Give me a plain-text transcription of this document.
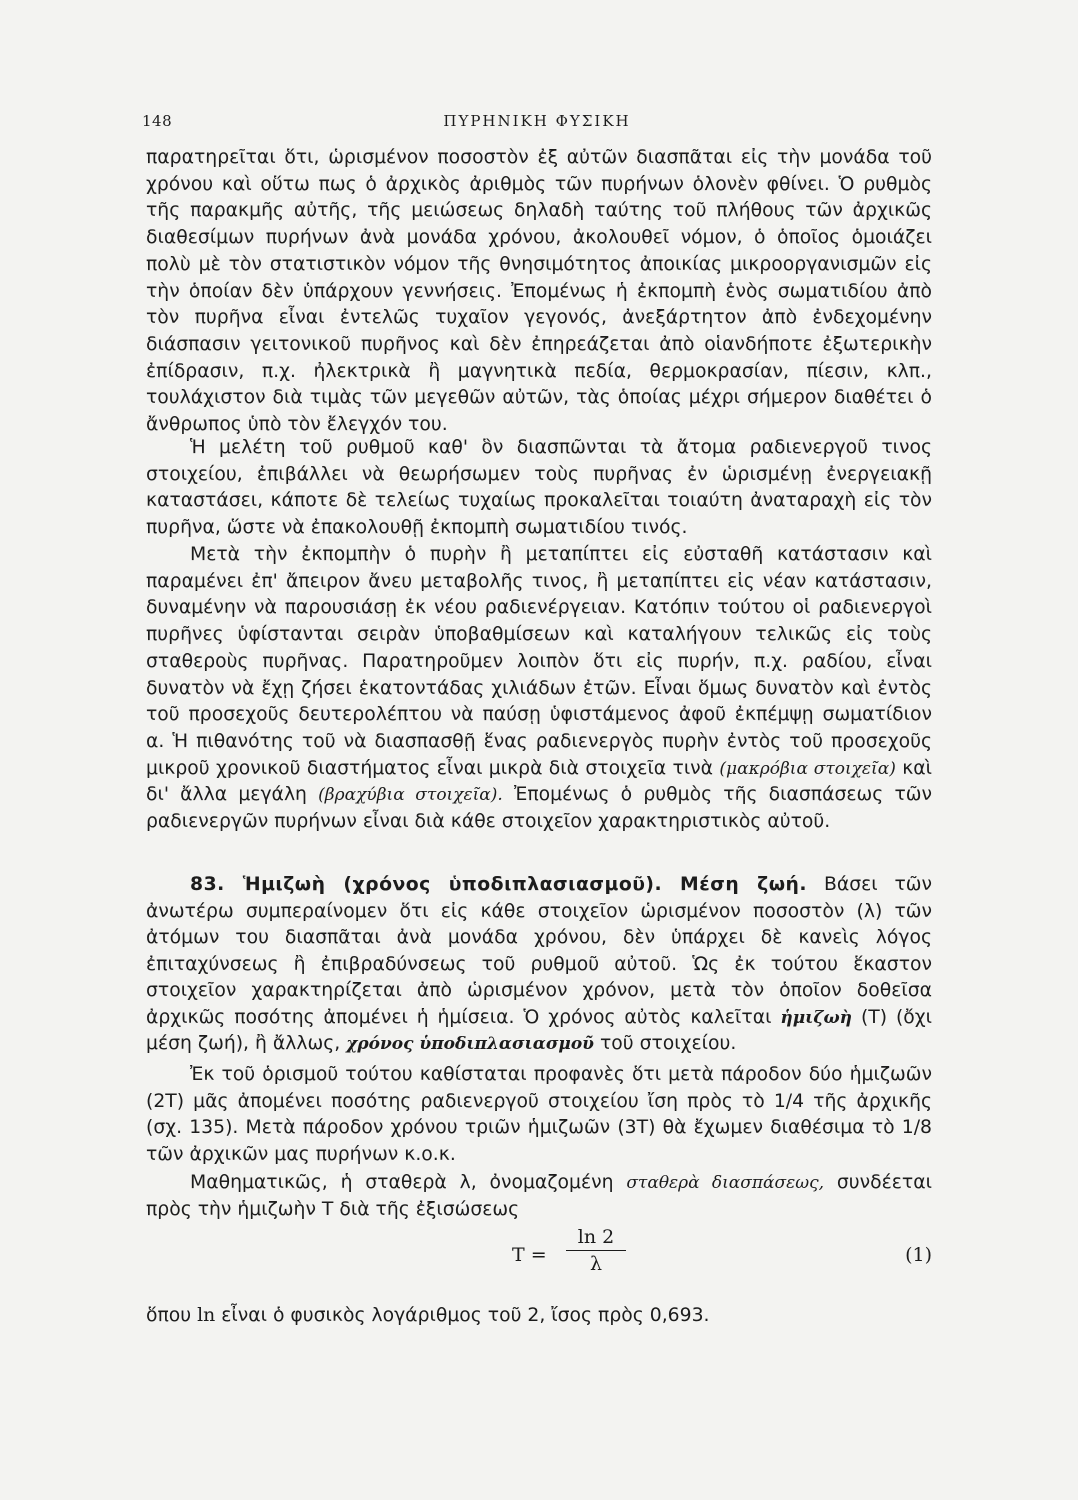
148	ΠΥΡΗΝΙΚΗ ΦΥΣΙΚΗ

παρατηρεῖται ὅτι, ὡρισμένον ποσοστὸν ἐξ αὐτῶν διασπᾶται εἰς τὴν μονάδα τοῦ χρόνου καὶ οὕτω πως ὁ ἀρχικὸς ἀριθμὸς τῶν πυρήνων ὁλονὲν φθίνει. Ὁ ρυθμὸς τῆς παρακμῆς αὐτῆς, τῆς μειώσεως δηλαδὴ ταύτης τοῦ πλήθους τῶν ἀρχικῶς διαθεσίμων πυρήνων ἀνὰ μονάδα χρόνου, ἀκολουθεῖ νόμον, ὁ ὁποῖος ὁμοιάζει πολὺ μὲ τὸν στατιστικὸν νόμον τῆς θνησιμότητος ἀποικίας μικροοργανισμῶν εἰς τὴν ὁποίαν δὲν ὑπάρχουν γεννήσεις. Ἐπομένως ἡ ἐκπομπὴ ἑνὸς σωματιδίου ἀπὸ τὸν πυρῆνα εἶναι ἐντελῶς τυχαῖον γεγονός, ἀνεξάρτητον ἀπὸ ἐνδεχομένην διάσπασιν γειτονικοῦ πυρῆνος καὶ δὲν ἐπηρεάζεται ἀπὸ οἱανδήποτε ἐξωτερικὴν ἐπίδρασιν, π.χ. ἠλεκτρικὰ ἢ μαγνητικὰ πεδία, θερμοκρασίαν, πίεσιν, κλπ., τουλάχιστον διὰ τιμὰς τῶν μεγεθῶν αὐτῶν, τὰς ὁποίας μέχρι σήμερον διαθέτει ὁ ἄνθρωπος ὑπὸ τὸν ἔλεγχόν του.

Ἡ μελέτη τοῦ ρυθμοῦ καθ' ὃν διασπῶνται τὰ ἄτομα ραδιενεργοῦ τινος στοιχείου, ἐπιβάλλει νὰ θεωρήσωμεν τοὺς πυρῆνας ἐν ὡρισμένῃ ἐνεργειακῇ καταστάσει, κάποτε δὲ τελείως τυχαίως προκαλεῖται τοιαύτη ἀναταραχὴ εἰς τὸν πυρῆνα, ὥστε νὰ ἐπακολουθῇ ἐκπομπὴ σωματιδίου τινός.

Μετὰ τὴν ἐκπομπὴν ὁ πυρὴν ἢ μεταπίπτει εἰς εὐσταθῆ κατάστασιν καὶ παραμένει ἐπ' ἄπειρον ἄνευ μεταβολῆς τινος, ἢ μεταπίπτει εἰς νέαν κατάστασιν, δυναμένην νὰ παρουσιάσῃ ἐκ νέου ραδιενέργειαν. Κατόπιν τούτου οἱ ραδιενεργοὶ πυρῆνες ὑφίστανται σειρὰν ὑποβαθμίσεων καὶ καταλήγουν τελικῶς εἰς τοὺς σταθεροὺς πυρῆνας. Παρατηροῦμεν λοιπὸν ὅτι εἰς πυρήν, π.χ. ραδίου, εἶναι δυνατὸν νὰ ἔχῃ ζήσει ἑκατοντάδας χιλιάδων ἐτῶν. Εἶναι ὅμως δυνατὸν καὶ ἐντὸς τοῦ προσεχοῦς δευτερολέπτου νὰ παύσῃ ὑφιστάμενος ἀφοῦ ἐκπέμψῃ σωματίδιον α. Ἡ πιθανότης τοῦ νὰ διασπασθῇ ἕνας ραδιενεργὸς πυρὴν ἐντὸς τοῦ προσεχοῦς μικροῦ χρονικοῦ διαστήματος εἶναι μικρὰ διὰ στοιχεῖα τινὰ (μακρόβια στοιχεῖα) καὶ δι' ἄλλα μεγάλη (βραχύβια στοιχεῖα). Ἐπομένως ὁ ρυθμὸς τῆς διασπάσεως τῶν ραδιενεργῶν πυρήνων εἶναι διὰ κάθε στοιχεῖον χαρακτηριστικὸς αὐτοῦ.

83. Ἡμιζωὴ (χρόνος ὑποδιπλασιασμοῦ). Μέση ζωή. Βάσει τῶν ἀνωτέρω συμπεραίνομεν ὅτι εἰς κάθε στοιχεῖον ὡρισμένον ποσοστὸν (λ) τῶν ἀτόμων του διασπᾶται ἀνὰ μονάδα χρόνου, δὲν ὑπάρχει δὲ κανεὶς λόγος ἐπιταχύνσεως ἢ ἐπιβραδύνσεως τοῦ ρυθμοῦ αὐτοῦ. Ὡς ἐκ τούτου ἕκαστον στοιχεῖον χαρακτηρίζεται ἀπὸ ὡρισμένον χρόνον, μετὰ τὸν ὁποῖον δοθεῖσα ἀρχικῶς ποσότης ἀπομένει ἡ ἡμίσεια. Ὁ χρόνος αὐτὸς καλεῖται ἡμιζωὴ (Τ) (ὄχι μέση ζωή), ἢ ἄλλως, χρόνος ὑποδιπλασιασμοῦ τοῦ στοιχείου.

Ἐκ τοῦ ὁρισμοῦ τούτου καθίσταται προφανὲς ὅτι μετὰ πάροδον δύο ἡμιζωῶν (2Τ) μᾶς ἀπομένει ποσότης ραδιενεργοῦ στοιχείου ἴση πρὸς τὸ 1/4 τῆς ἀρχικῆς (σχ. 135). Μετὰ πάροδον χρόνου τριῶν ἡμιζωῶν (3Τ) θὰ ἔχωμεν διαθέσιμα τὸ 1/8 τῶν ἀρχικῶν μας πυρήνων κ.ο.κ.

Μαθηματικῶς, ἡ σταθερὰ λ, ὀνομαζομένη σταθερὰ διασπάσεως, συνδέεται πρὸς τὴν ἡμιζωὴν Τ διὰ τῆς ἐξισώσεως

$T = \frac{\ln 2}{\lambda}$	(1)

ὅπου ln εἶναι ὁ φυσικὸς λογάριθμος τοῦ 2, ἴσος πρὸς 0,693.
